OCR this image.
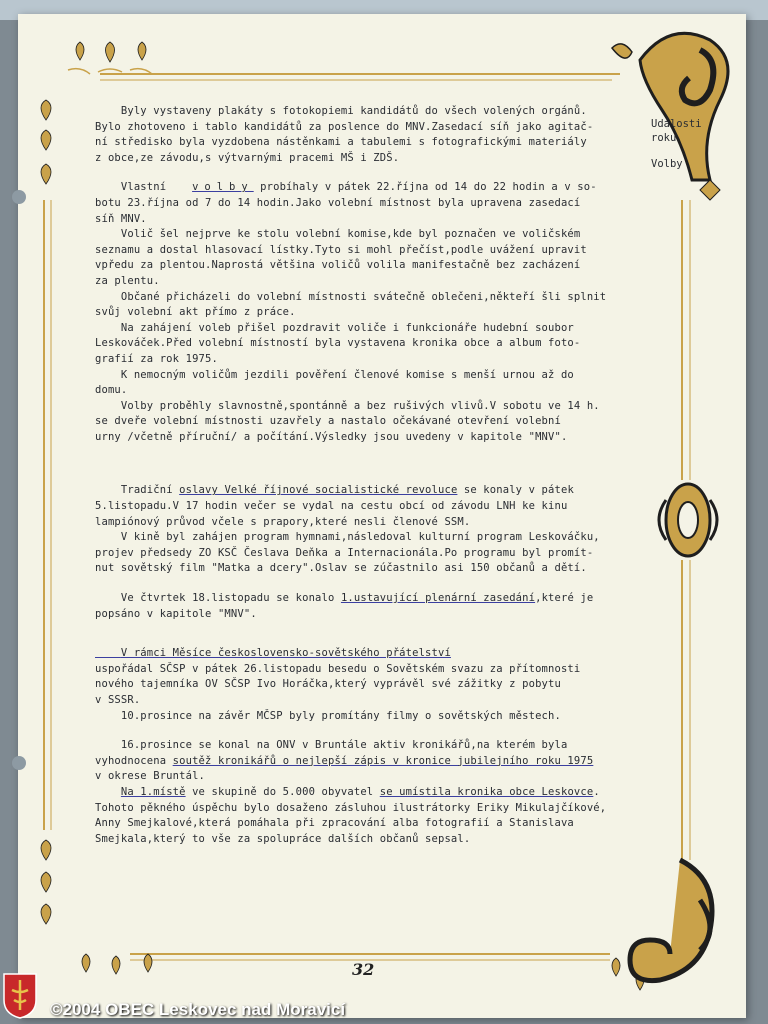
Události
roku
Volby

Byly vystaveny plakáty s fotokopiemi kandidátů do všech volených orgánů.
Bylo zhotoveno i tablo kandidátů za poslence do MNV.Zasedací síň jako agitač-
ní středisko byla vyzdobena nástěnkami a tabulemi s fotografickými materiály
z obce,ze závodu,s výtvarnými pracemi MŠ i ZDŠ.

Vlastní    volby probíhaly v pátek 22.října od 14 do 22 hodin a v so-
botu 23.října od 7 do 14 hodin.Jako volební místnost byla upravena zasedací
síň MNV.

Volič šel nejprve ke stolu volební komise,kde byl poznačen ve voličském
seznamu a dostal hlasovací lístky.Tyto si mohl přečíst,podle uvážení upravit
vpředu za plentou.Naprostá většina voličů volila manifestačně bez zacházení
za plentu.

Občané přicházeli do volební místnosti svátečně oblečeni,někteří šli splnit
svůj volební akt přímo z práce.

Na zahájení voleb přišel pozdravit voliče i funkcionáře hudební soubor
Leskováček.Před volební místností byla vystavena kronika obce a album foto-
grafií za rok 1975.

K nemocným voličům jezdili pověření členové komise s menší urnou až do
domu.

Volby proběhly slavnostně,spontánně a bez rušivých vlivů.V sobotu ve 14 h.
se dveře volební místnosti uzavřely a nastalo očekávané otevření volební
urny /včetně příruční/ a počítání.Výsledky jsou uvedeny v kapitole "MNV".

Tradiční oslavy Velké říjnové socialistické revoluce se konaly v pátek
5.listopadu.V 17 hodin večer se vydal na cestu obcí od závodu LNH ke kinu
lampiónový průvod včele s prapory,které nesli členové SSM.
V kině byl zahájen program hymnami,následoval kulturní program Leskováčku,
projev předsedy ZO KSČ Česlava Deňka a Internacionála.Po programu byl promít-
nut sovětský film "Matka a dcery".Oslav se zúčastnilo asi 150 občanů a dětí.

Ve čtvrtek 18.listopadu se konalo 1.ustavující plenární zasedání,které je
popsáno v kapitole "MNV".

V rámci Měsíce československo-sovětského přátelství

uspořádal SČSP v pátek 26.listopadu besedu o Sovětském svazu za přítomnosti
nového tajemníka OV SČSP Ivo Horáčka,který vyprávěl své zážitky z pobytu
v SSSR.
10.prosince na závěr MČSP byly promítány filmy o sovětských městech.

16.prosince se konal na ONV v Bruntále aktiv kronikářů,na kterém byla
vyhodnocena soutěž kronikářů o nejlepší zápis v kronice jubilejního roku 1975
v okrese Bruntál.

Na 1.místě ve skupině do 5.000 obyvatel se umístila kronika obce Leskovce.
Tohoto pěkného úspěchu bylo dosaženo zásluhou ilustrátorky Eriky Mikulajčíkové,
Anny Smejkalové,která pomáhala při zpracování alba fotografií a Stanislava
Smejkala,který to vše za spolupráce dalších občanů sepsal.

32
©2004 OBEC Leskovec nad Moravicí
